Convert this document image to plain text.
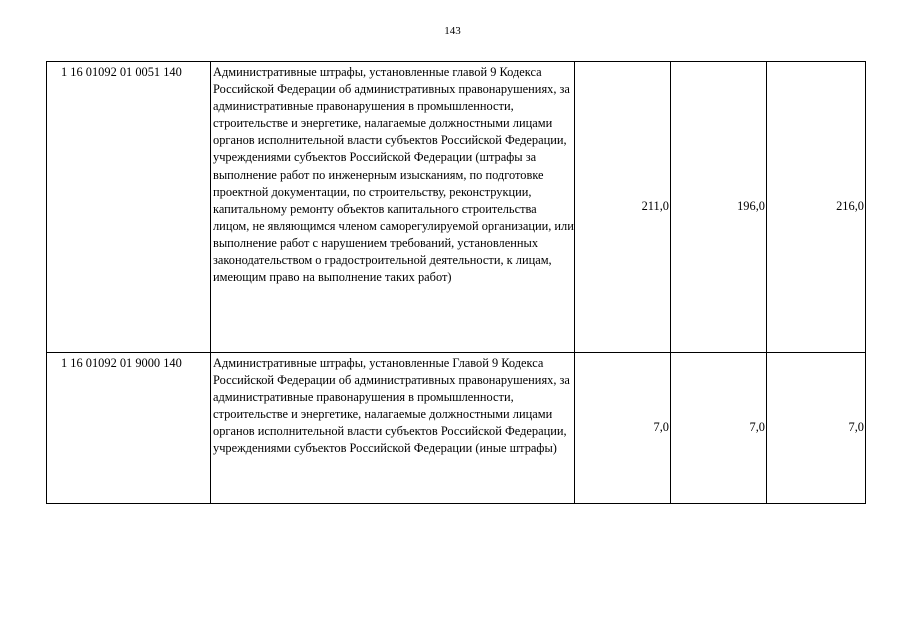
143
1 16 01092 01 0051 140	Административные штрафы, установленные главой 9 Кодекса Российской Федерации об административных правонарушениях, за административные правонарушения в промышленности, строительстве и энергетике, налагаемые должностными лицами органов исполнительной власти субъектов Российской Федерации, учреждениями субъектов Российской Федерации (штрафы за выполнение работ по инженерным изысканиям, по подготовке проектной документации, по строительству, реконструкции, капитальному ремонту объектов капитального строительства лицом, не являющимся членом саморегулируемой организации, или выполнение работ с нарушением требований, установленных законодательством о градостроительной деятельности, к лицам, имеющим право на выполнение таких работ)	211,0	196,0	216,0
1 16 01092 01 9000 140	Административные штрафы, установленные Главой 9 Кодекса Российской Федерации об административных правонарушениях, за административные правонарушения в промышленности, строительстве и энергетике, налагаемые должностными лицами органов исполнительной власти субъектов Российской Федерации, учреждениями субъектов Российской Федерации (иные штрафы)	7,0	7,0	7,0
